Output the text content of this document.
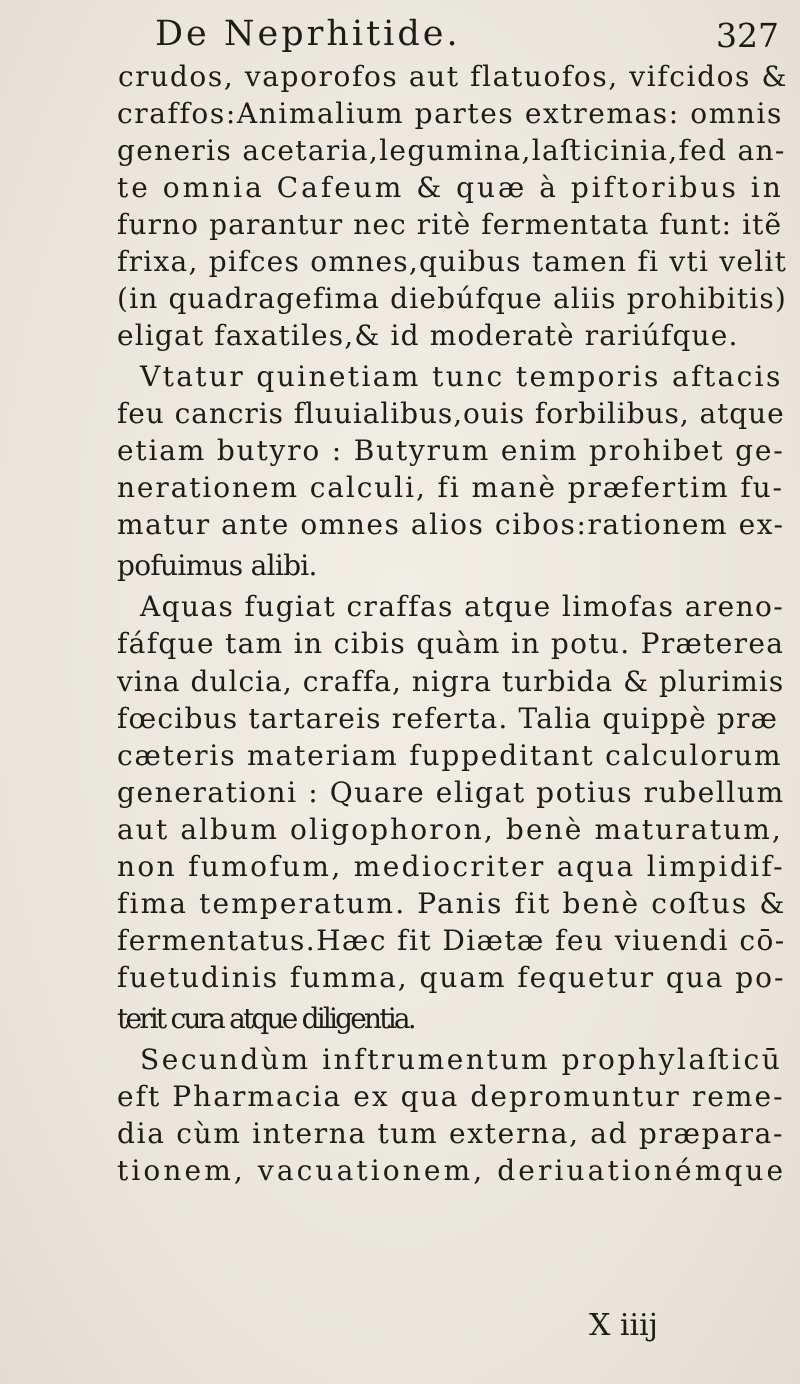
De Neprhitide.	327
crudos, vaporofos aut flatuofos, vifcidos &
craffos:Animalium partes extremas: omnis
generis acetaria,legumina,laﬅicinia,fed an-
te omnia Cafeum & quæ à piftoribus in
furno parantur nec ritè fermentata funt: itẽ
frixa, pifces omnes,quibus tamen fi vti velit
(in quadragefima diebúfque aliis prohibitis)
eligat faxatiles,& id moderatè rariúfque.
Vtatur quinetiam tunc temporis aftacis
feu cancris fluuialibus,ouis forbilibus, atque
etiam butyro : Butyrum enim prohibet ge-
nerationem calculi, fi manè præfertim fu-
matur ante omnes alios cibos:rationem ex-
pofuimus alibi.
Aquas fugiat craffas atque limofas areno-
fáfque tam in cibis quàm in potu. Præterea
vina dulcia, craffa, nigra turbida & plurimis
fœcibus tartareis referta. Talia quippè præ
cæteris materiam fuppeditant calculorum
generationi : Quare eligat potius rubellum
aut album oligophoron, benè maturatum,
non fumofum, mediocriter aqua limpidif-
fima temperatum. Panis fit benè coﬅus &
fermentatus.Hæc fit Diætæ feu viuendi cō-
fuetudinis fumma, quam fequetur qua po-
terit cura atque diligentia.
Secundùm inftrumentum prophylaﬅicū
eft Pharmacia ex qua depromuntur reme-
dia cùm interna tum externa, ad præpara-
tionem, vacuationem, deriuationémque
X iiij
